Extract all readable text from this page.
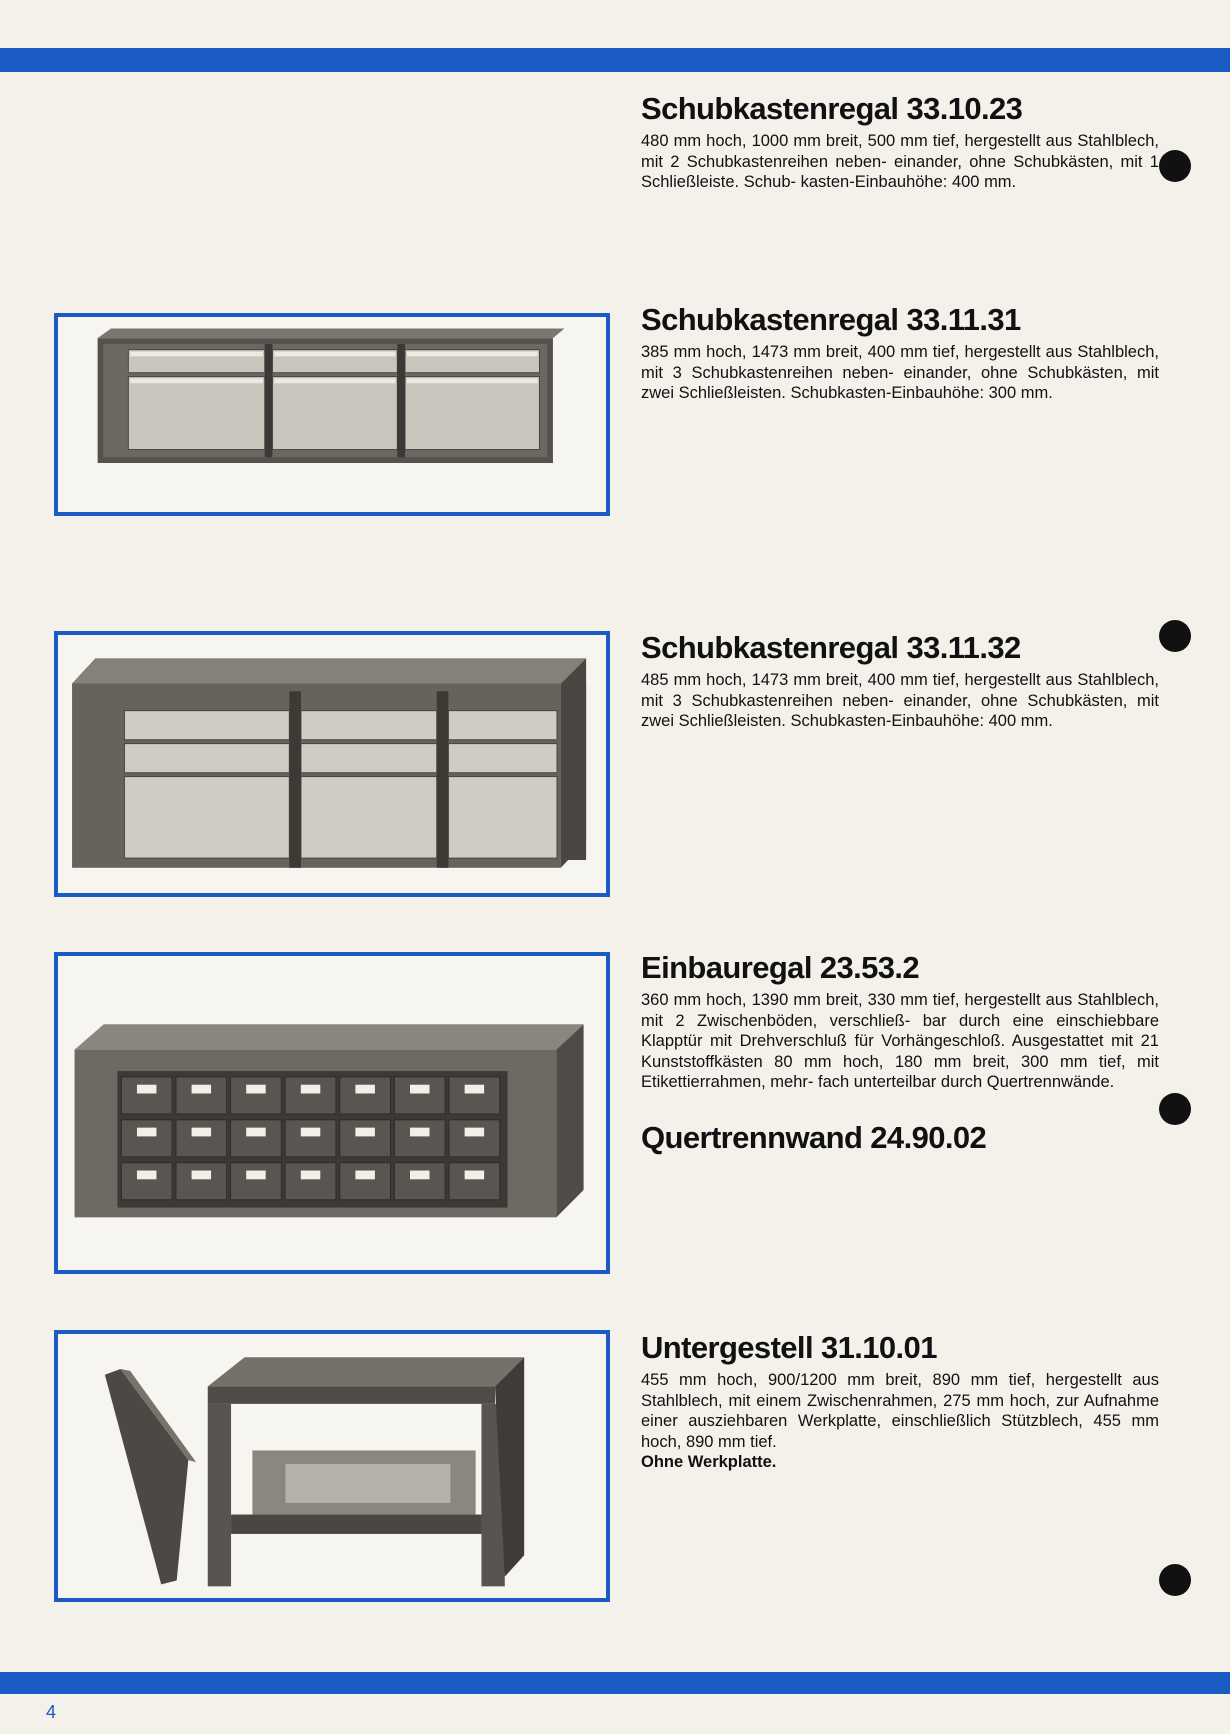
Schubkastenregal 33.10.23

480 mm hoch, 1000 mm breit, 500 mm tief, hergestellt aus Stahlblech, mit 2 Schubkastenreihen neben- einander, ohne Schubkästen, mit 1 Schließleiste. Schub- kasten-Einbauhöhe: 400 mm.

Schubkastenregal 33.11.31

385 mm hoch, 1473 mm breit, 400 mm tief, hergestellt aus Stahlblech, mit 3 Schubkastenreihen neben- einander, ohne Schubkästen, mit zwei Schließleisten. Schubkasten-Einbauhöhe: 300 mm.

Schubkastenregal 33.11.32

485 mm hoch, 1473 mm breit, 400 mm tief, hergestellt aus Stahlblech, mit 3 Schubkastenreihen neben- einander, ohne Schubkästen, mit zwei Schließleisten. Schubkasten-Einbauhöhe: 400 mm.

Einbauregal 23.53.2

360 mm hoch, 1390 mm breit, 330 mm tief, hergestellt aus Stahlblech, mit 2 Zwischenböden, verschließ- bar durch eine einschiebbare Klapptür mit Drehverschluß für Vorhängeschloß. Ausgestattet mit 21 Kunststoffkästen 80 mm hoch, 180 mm breit, 300 mm tief, mit Etikettierrahmen, mehr- fach unterteilbar durch Quertrennwände.

Quertrennwand 24.90.02
Untergestell 31.10.01

455 mm hoch, 900/1200 mm breit, 890 mm tief, hergestellt aus Stahlblech, mit einem Zwischenrahmen, 275 mm hoch, zur Aufnahme einer ausziehbaren Werkplatte, einschließlich Stützblech, 455 mm hoch, 890 mm tief.

Ohne Werkplatte.

4
